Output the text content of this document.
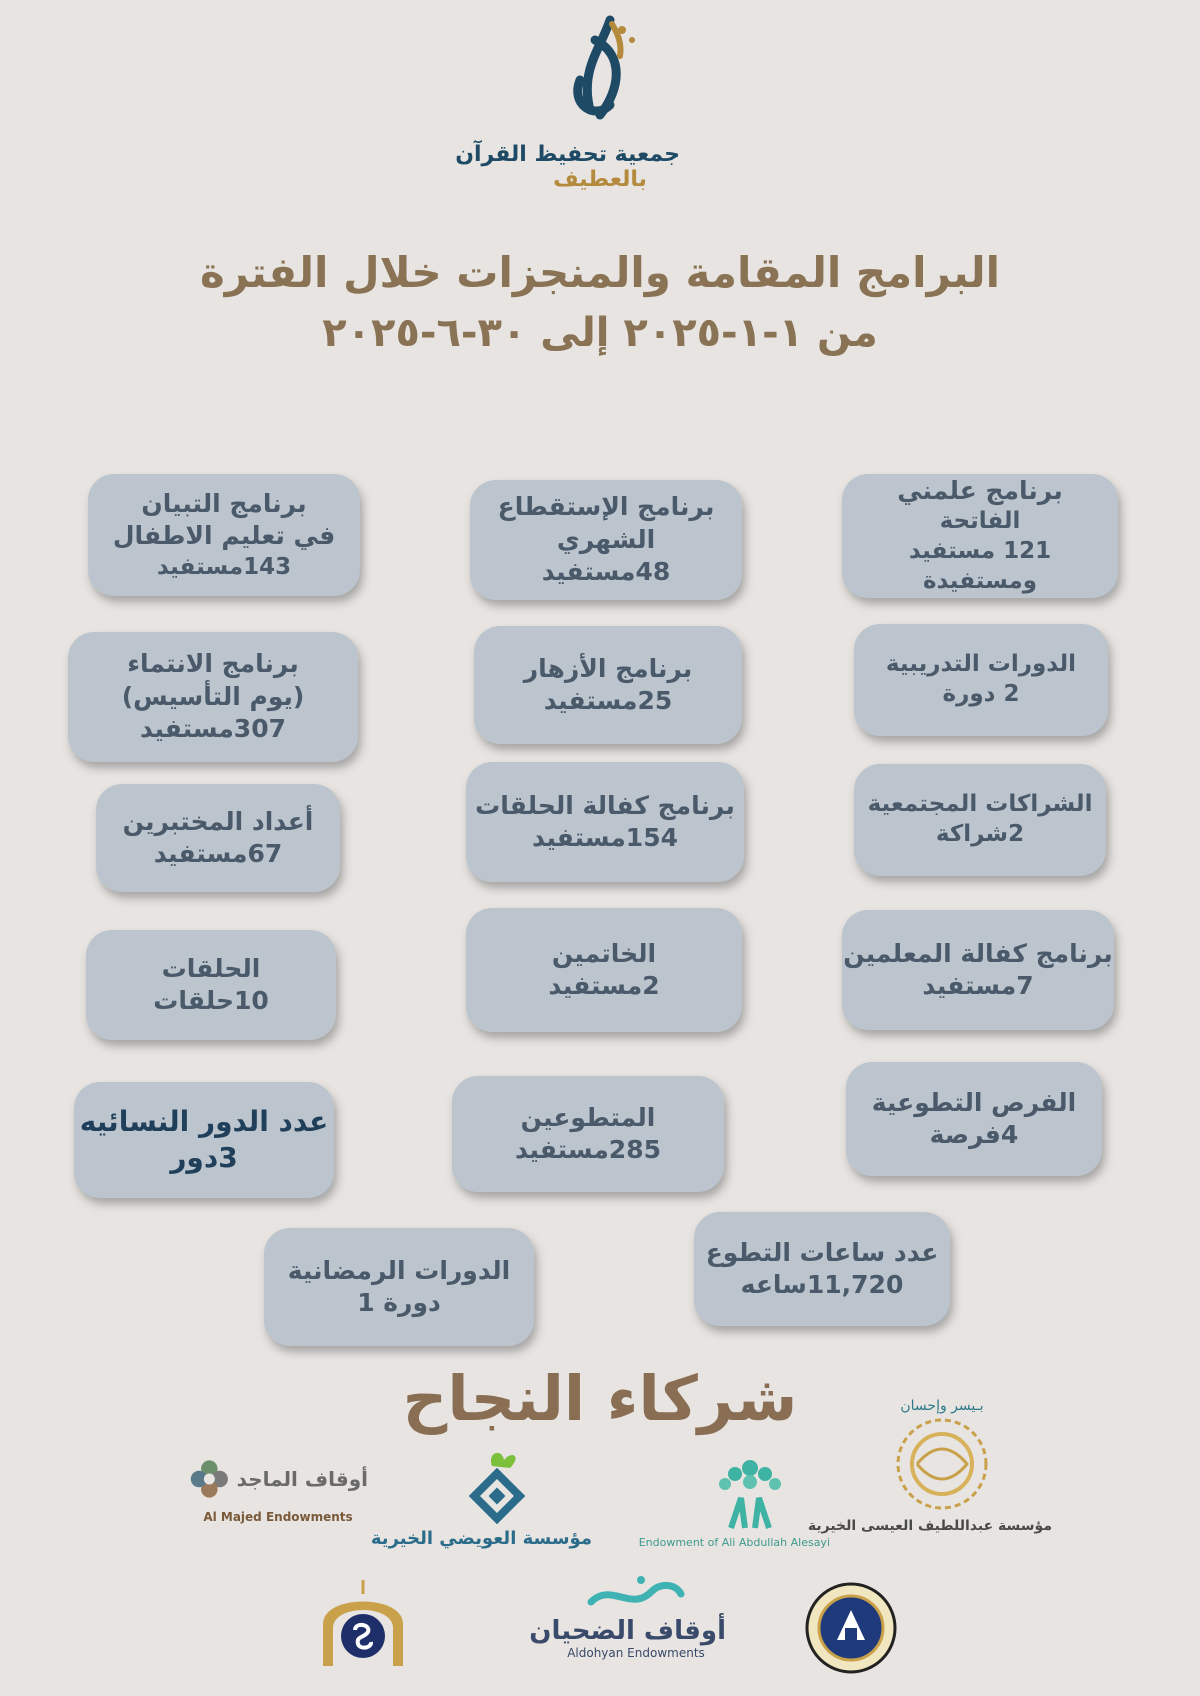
جمعية تحفيظ القرآن
بالعطيف
البرامج المقامة والمنجزات خلال الفترة
من ١-١-٢٠٢٥ إلى ٣٠-٦-٢٠٢٥
برنامج علمني
الفاتحة
121 مستفيد
ومستفيدة
برنامج الإستقطاع
الشهري
48مستفيد
برنامج التبيان
في تعليم الاطفال
143مستفيد
الدورات التدريبية
2 دورة
برنامج الأزهار
25مستفيد
برنامج الانتماء
(يوم التأسيس)
307مستفيد
الشراكات المجتمعية
2شراكة
برنامج كفالة الحلقات
154مستفيد
أعداد المختبرين
67مستفيد
برنامج كفالة المعلمين
7مستفيد
الخاتمين
2مستفيد
الحلقات
10حلقات
الفرص التطوعية
4فرصة
المتطوعين
285مستفيد
عدد الدور النسائيه
3دور
عدد ساعات التطوع
11,720ساعه
الدورات الرمضانية
دورة 1
شركاء النجاح	بـيسر وإحسان
مؤسسة عبداللطيف العيسى الخيرية
Endowment of Ali Abdullah Alesayi
مؤسسة العويضي الخيرية
أوقاف الماجد
Al Majed Endowments
أوقاف الضحيان
Aldohyan Endowments
